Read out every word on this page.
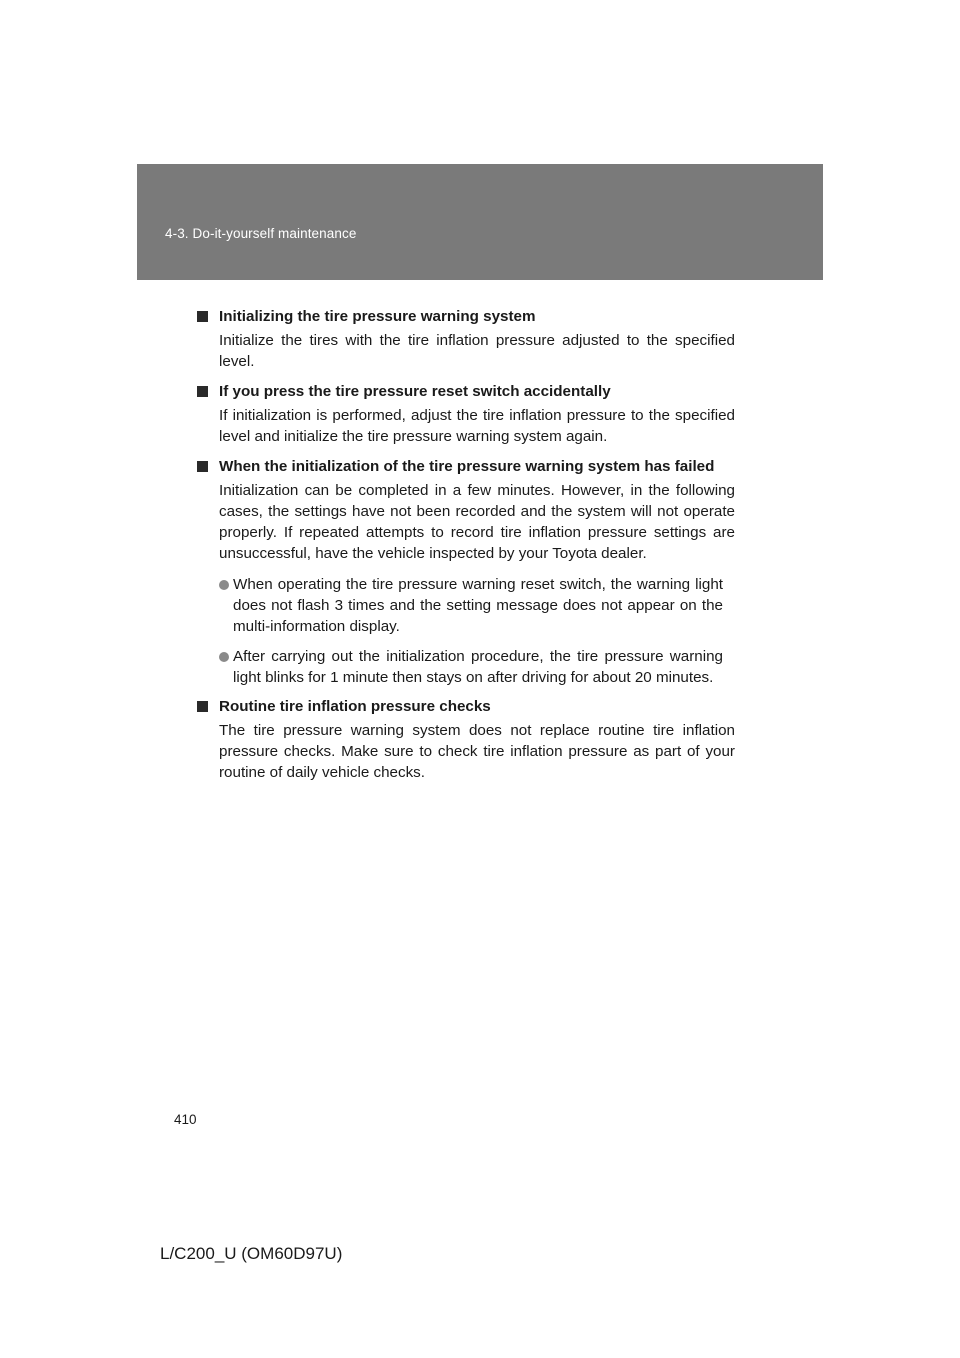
4-3. Do-it-yourself maintenance
Initializing the tire pressure warning system
Initialize the tires with the tire inflation pressure adjusted to the specified level.
If you press the tire pressure reset switch accidentally
If initialization is performed, adjust the tire inflation pressure to the specified level and initialize the tire pressure warning system again.
When the initialization of the tire pressure warning system has failed
Initialization can be completed in a few minutes. However, in the following cases, the settings have not been recorded and the system will not operate properly. If repeated attempts to record tire inflation pressure settings are unsuccessful, have the vehicle inspected by your Toyota dealer.
When operating the tire pressure warning reset switch, the warning light does not flash 3 times and the setting message does not appear on the multi-information display.
After carrying out the initialization procedure, the tire pressure warning light blinks for 1 minute then stays on after driving for about 20 minutes.
Routine tire inflation pressure checks
The tire pressure warning system does not replace routine tire inflation pressure checks. Make sure to check tire inflation pressure as part of your routine of daily vehicle checks.
410
L/C200_U (OM60D97U)
